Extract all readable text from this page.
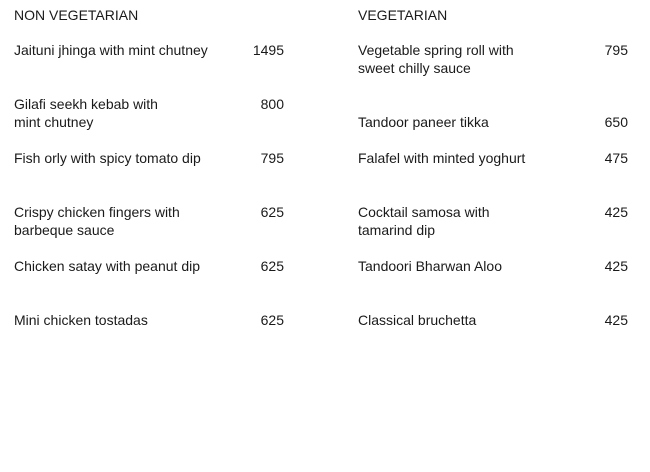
NON VEGETARIAN
Jaituni jhinga with mint chutney	1495
Gilafi seekh kebab with
mint chutney
800
Fish orly with spicy tomato dip	795
Crispy chicken fingers with
barbeque sauce
625
Chicken satay with peanut dip	625
Mini chicken tostadas	625
VEGETARIAN
Vegetable spring roll with
sweet chilly sauce
795
Tandoor paneer tikka	650
Falafel with minted yoghurt	475
Cocktail samosa with
tamarind dip
425
Tandoori Bharwan Aloo	425
Classical bruchetta	425
